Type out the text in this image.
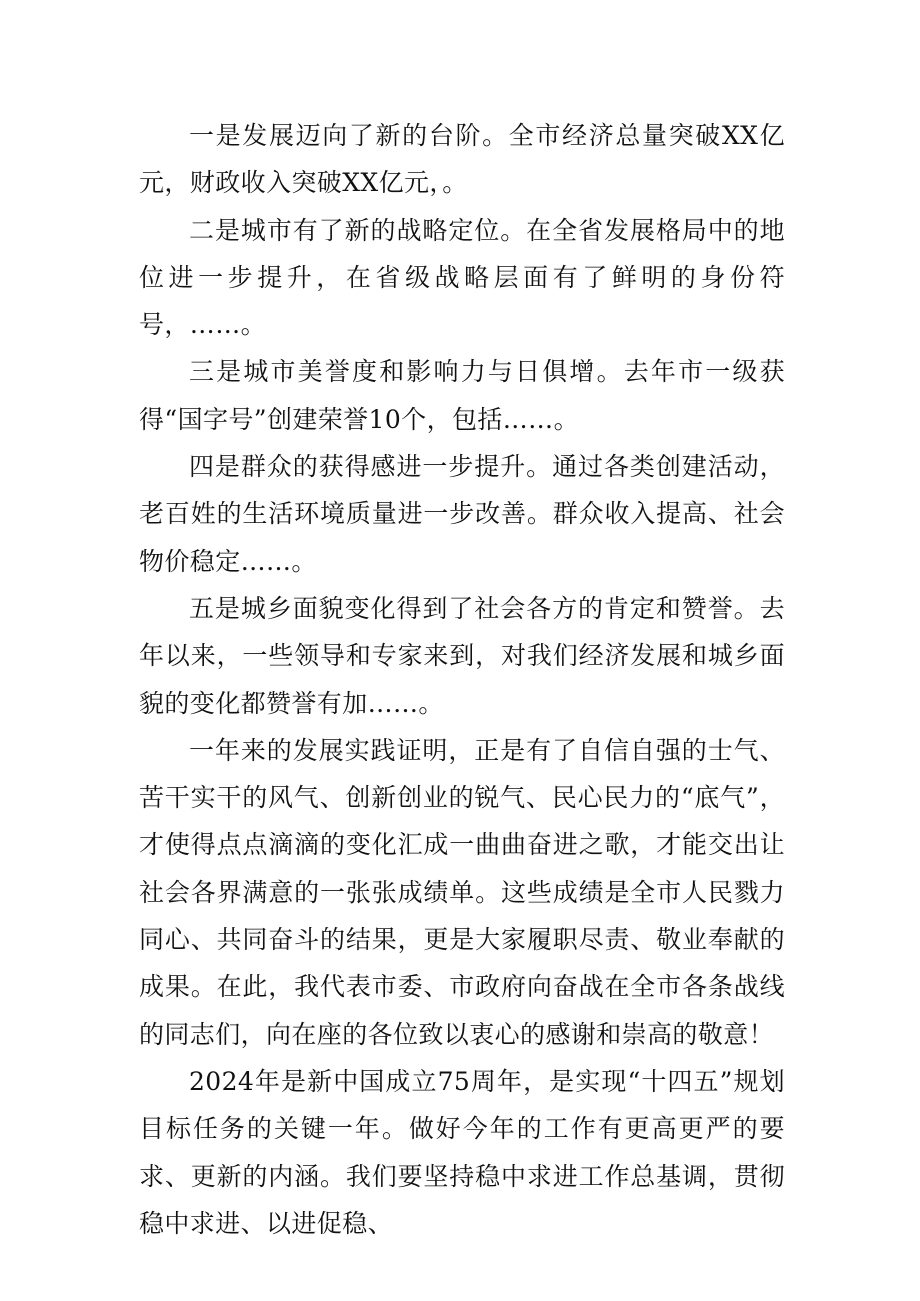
一是发展迈向了新的台阶。全市经济总量突破XX亿元，财政收入突破XX亿元，。

二是城市有了新的战略定位。在全省发展格局中的地位进一步提升，在省级战略层面有了鲜明的身份符号，……。

三是城市美誉度和影响力与日俱增。去年市一级获得“国字号”创建荣誉10个，包括……。

四是群众的获得感进一步提升。通过各类创建活动，老百姓的生活环境质量进一步改善。群众收入提高、社会物价稳定……。

五是城乡面貌变化得到了社会各方的肯定和赞誉。去年以来，一些领导和专家来到，对我们经济发展和城乡面貌的变化都赞誉有加……。

一年来的发展实践证明，正是有了自信自强的士气、苦干实干的风气、创新创业的锐气、民心民力的“底气”，才使得点点滴滴的变化汇成一曲曲奋进之歌，才能交出让社会各界满意的一张张成绩单。这些成绩是全市人民戮力同心、共同奋斗的结果，更是大家履职尽责、敬业奉献的成果。在此，我代表市委、市政府向奋战在全市各条战线的同志们，向在座的各位致以衷心的感谢和崇高的敬意！

2024年是新中国成立75周年，是实现“十四五”规划目标任务的关键一年。做好今年的工作有更高更严的要求、更新的内涵。我们要坚持稳中求进工作总基调，贯彻稳中求进、以进促稳、
